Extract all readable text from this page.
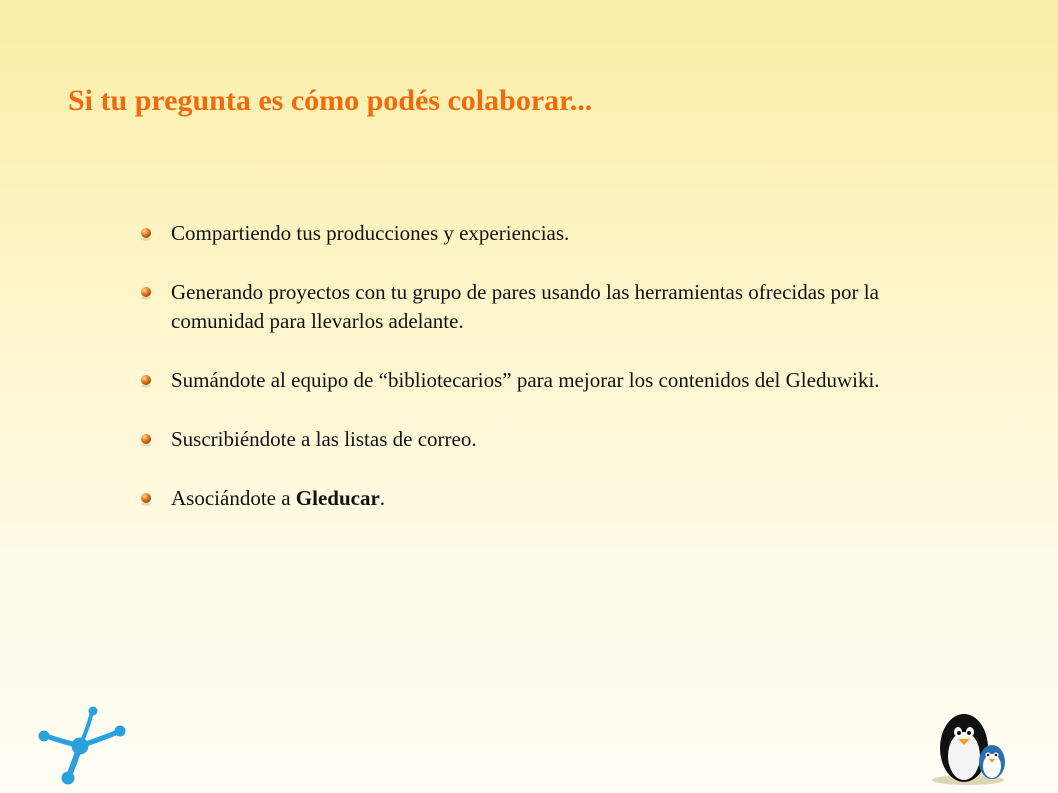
Si tu pregunta es cómo podés colaborar...
Compartiendo tus producciones y experiencias.
Generando proyectos con tu grupo de pares usando las herramientas ofrecidas por la comunidad para llevarlos adelante.
Sumándote al equipo de “bibliotecarios” para mejorar los contenidos del Gleduwiki.
Suscribiéndote a las listas de correo.
Asociándote a Gleducar.
